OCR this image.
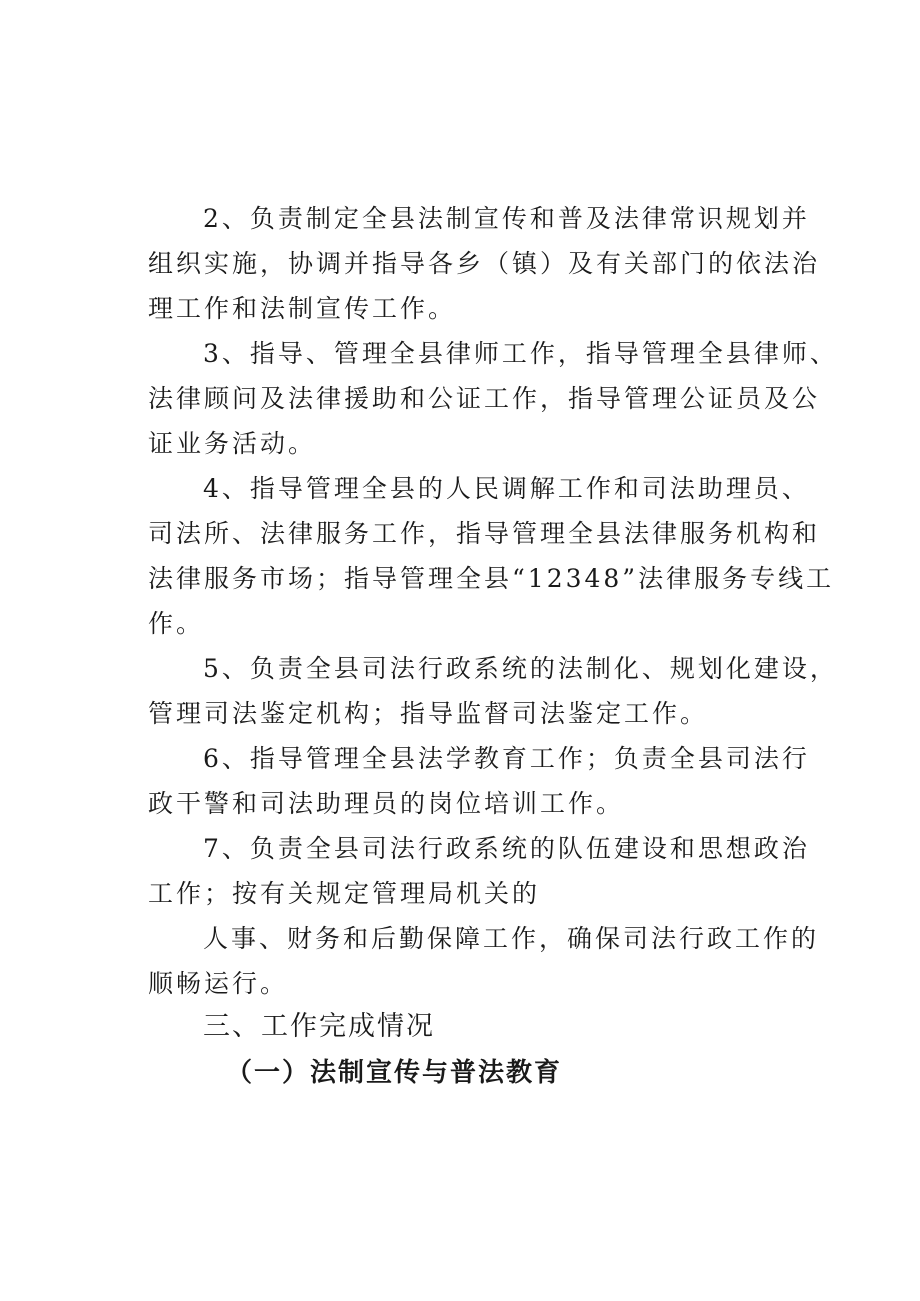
2、负责制定全县法制宣传和普及法律常识规划并
组织实施，协调并指导各乡（镇）及有关部门的依法治
理工作和法制宣传工作。
3、指导、管理全县律师工作，指导管理全县律师、
法律顾问及法律援助和公证工作，指导管理公证员及公
证业务活动。
4、指导管理全县的人民调解工作和司法助理员、
司法所、法律服务工作，指导管理全县法律服务机构和
法律服务市场；指导管理全县“12348”法律服务专线工
作。
5、负责全县司法行政系统的法制化、规划化建设，
管理司法鉴定机构；指导监督司法鉴定工作。
6、指导管理全县法学教育工作；负责全县司法行
政干警和司法助理员的岗位培训工作。
7、负责全县司法行政系统的队伍建设和思想政治
工作；按有关规定管理局机关的
人事、财务和后勤保障工作，确保司法行政工作的
顺畅运行。
三、工作完成情况
（一）法制宣传与普法教育
